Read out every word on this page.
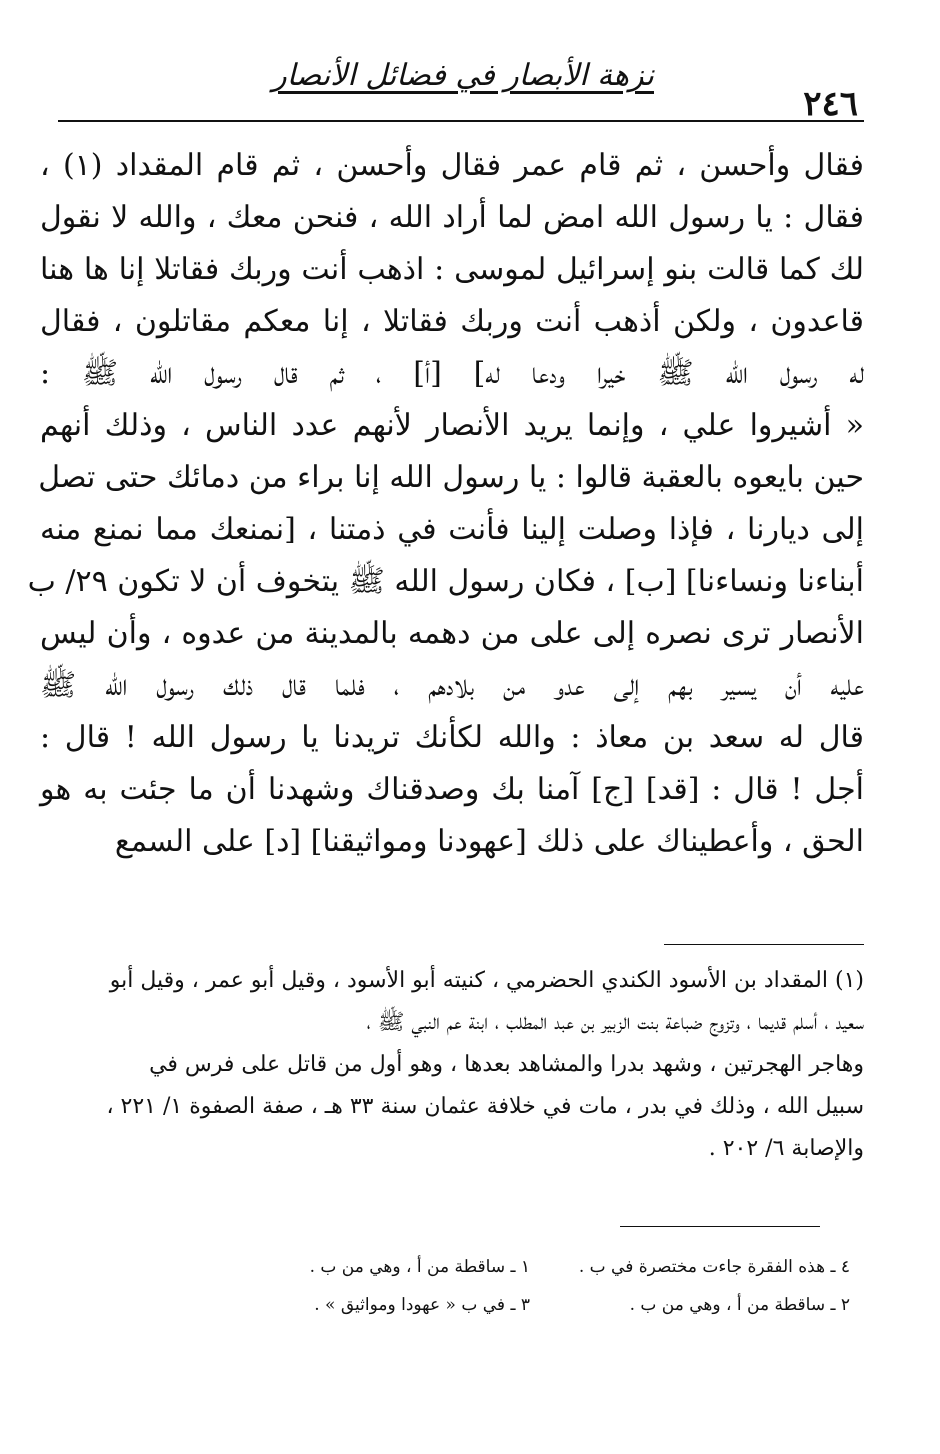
٢٤٦
نزهة الأبصار في فضائل الأنصار

فقال وأحسن ، ثم قام عمر فقال وأحسن ، ثم قام المقداد (١) ،

فقال : يا رسول الله امض لما أراد الله ، فنحن معك ، والله لا نقول

لك كما قالت بنو إسرائيل لموسى : اذهب أنت وربك فقاتلا إنا ها هنا

قاعدون ، ولكن أذهب أنت وربك فقاتلا ، إنا معكم مقاتلون ، فقال

له رسول الله ﷺ خيرا ودعا له] [أ] ، ثم قال رسول الله ﷺ :

« أشيروا علي ، وإنما يريد الأنصار لأنهم عدد الناس ، وذلك أنهم

حين بايعوه بالعقبة قالوا : يا رسول الله إنا براء من دمائك حتى تصل

إلى ديارنا ، فإذا وصلت إلينا فأنت في ذمتنا ، [نمنعك مما نمنع منه

أبناءنا ونساءنا] [ب] ، فكان رسول الله ﷺ يتخوف أن لا تكون ٢٩/ ب

الأنصار ترى نصره إلى على من دهمه بالمدينة من عدوه ، وأن ليس

عليه أن يسير بهم إلى عدو من بلادهم ، فلما قال ذلك رسول الله ﷺ

قال له سعد بن معاذ : والله لكأنك تريدنا يا رسول الله ! قال :

أجل ! قال : [قد] [ج] آمنا بك وصدقناك وشهدنا أن ما جئت به هو

الحق ، وأعطيناك على ذلك [عهودنا ومواثيقنا] [د] على السمع

(١) المقداد بن الأسود الكندي الحضرمي ، كنيته أبو الأسود ، وقيل أبو عمر ، وقيل أبو

سعيد ، أسلم قديما ، وتزوج ضباعة بنت الزبير بن عبد المطلب ، ابنة عم النبي ﷺ ،

وهاجر الهجرتين ، وشهد بدرا والمشاهد بعدها ، وهو أول من قاتل على فرس في

سبيل الله ، وذلك في بدر ، مات في خلافة عثمان سنة ٣٣ هـ ، صفة الصفوة ١/ ٢٢١ ،

والإصابة ٦/ ٢٠٢ .

٤ ـ هذه الفقرة جاءت مختصرة في ب .
١ ـ ساقطة من أ ، وهي من ب .
٢ ـ ساقطة من أ ، وهي من ب .
٣ ـ في ب « عهودا ومواثيق » .
